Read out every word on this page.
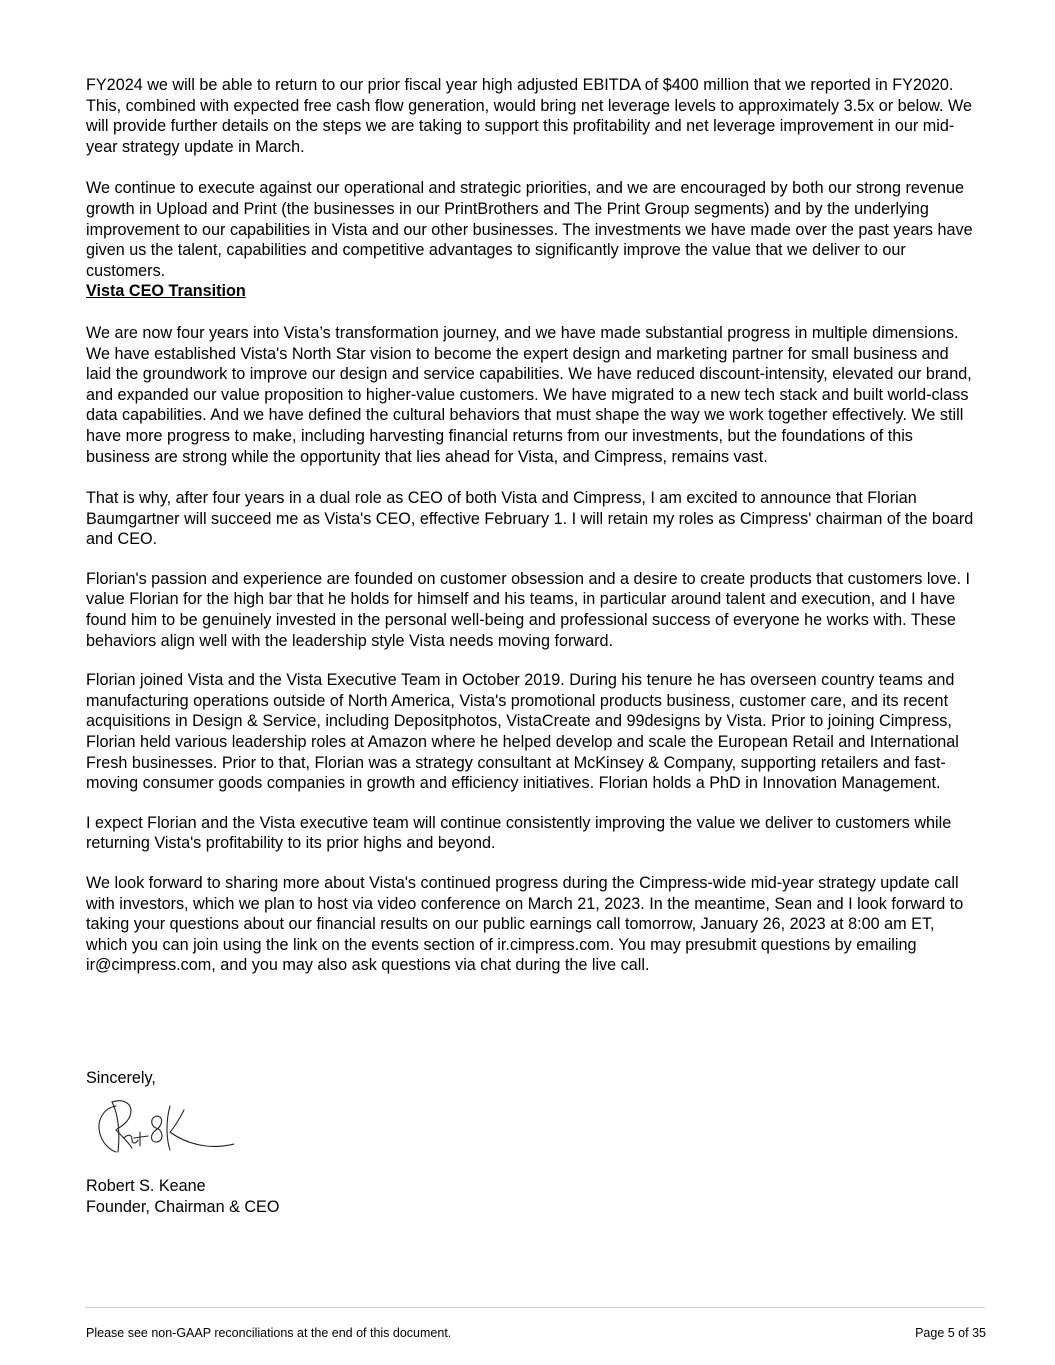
FY2024 we will be able to return to our prior fiscal year high adjusted EBITDA of $400 million that we reported in FY2020. This, combined with expected free cash flow generation, would bring net leverage levels to approximately 3.5x or below. We will provide further details on the steps we are taking to support this profitability and net leverage improvement in our mid-year strategy update in March.

We continue to execute against our operational and strategic priorities, and we are encouraged by both our strong revenue growth in Upload and Print (the businesses in our PrintBrothers and The Print Group segments) and by the underlying improvement to our capabilities in Vista and our other businesses. The investments we have made over the past years have given us the talent, capabilities and competitive advantages to significantly improve the value that we deliver to our customers.

Vista CEO Transition

We are now four years into Vista’s transformation journey, and we have made substantial progress in multiple dimensions. We have established Vista's North Star vision to become the expert design and marketing partner for small business and laid the groundwork to improve our design and service capabilities. We have reduced discount-intensity, elevated our brand, and expanded our value proposition to higher-value customers. We have migrated to a new tech stack and built world-class data capabilities. And we have defined the cultural behaviors that must shape the way we work together effectively. We still have more progress to make, including harvesting financial returns from our investments, but the foundations of this business are strong while the opportunity that lies ahead for Vista, and Cimpress, remains vast.

That is why, after four years in a dual role as CEO of both Vista and Cimpress, I am excited to announce that Florian Baumgartner will succeed me as Vista's CEO, effective February 1. I will retain my roles as Cimpress' chairman of the board and CEO.

Florian's passion and experience are founded on customer obsession and a desire to create products that customers love. I value Florian for the high bar that he holds for himself and his teams, in particular around talent and execution, and I have found him to be genuinely invested in the personal well-being and professional success of everyone he works with. These behaviors align well with the leadership style Vista needs moving forward.

Florian joined Vista and the Vista Executive Team in October 2019. During his tenure he has overseen country teams and manufacturing operations outside of North America, Vista's promotional products business, customer care, and its recent acquisitions in Design & Service, including Depositphotos, VistaCreate and 99designs by Vista. Prior to joining Cimpress, Florian held various leadership roles at Amazon where he helped develop and scale the European Retail and International Fresh businesses. Prior to that, Florian was a strategy consultant at McKinsey & Company, supporting retailers and fast-moving consumer goods companies in growth and efficiency initiatives. Florian holds a PhD in Innovation Management.

I expect Florian and the Vista executive team will continue consistently improving the value we deliver to customers while returning Vista's profitability to its prior highs and beyond.

We look forward to sharing more about Vista's continued progress during the Cimpress-wide mid-year strategy update call with investors, which we plan to host via video conference on March 21, 2023. In the meantime, Sean and I look forward to taking your questions about our financial results on our public earnings call tomorrow, January 26, 2023 at 8:00 am ET, which you can join using the link on the events section of ir.cimpress.com. You may presubmit questions by emailing ir@cimpress.com, and you may also ask questions via chat during the live call.

Sincerely,
Robert S. Keane
Founder, Chairman & CEO
Please see non-GAAP reconciliations at the end of this document.	Page 5 of 35
